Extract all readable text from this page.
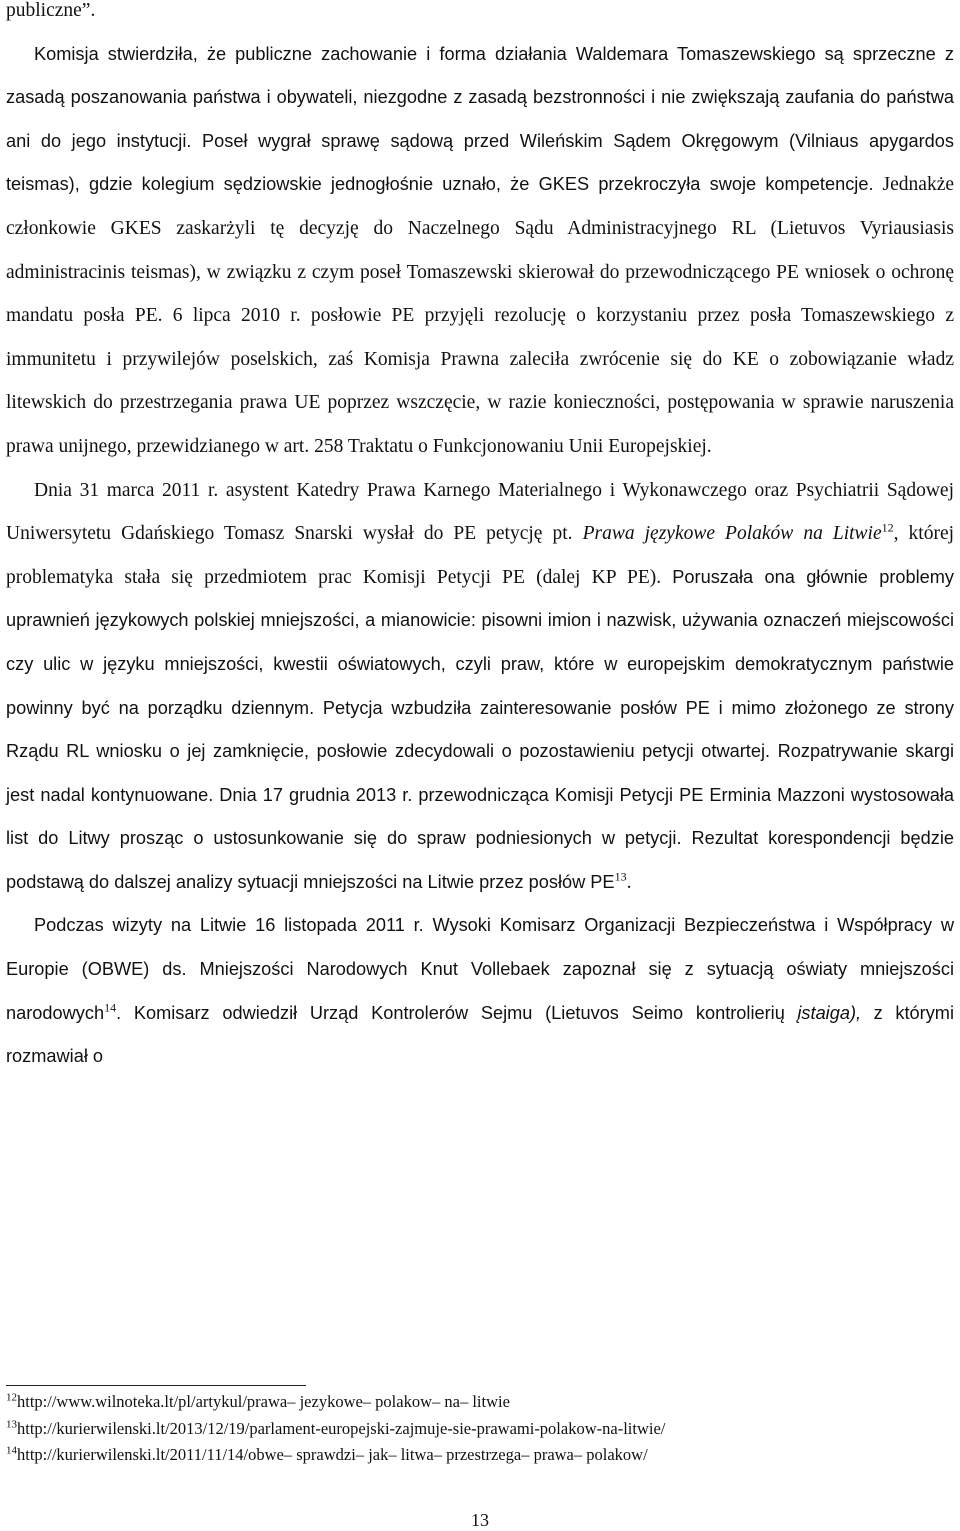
publiczne”.
Komisja stwierdziła, że publiczne zachowanie i forma działania Waldemara Tomaszewskiego są sprzeczne z zasadą poszanowania państwa i obywateli, niezgodne z zasadą bezstronności i nie zwiększają zaufania do państwa ani do jego instytucji. Poseł wygrał sprawę sądową przed Wileńskim Sądem Okręgowym (Vilniaus apygardos teismas), gdzie kolegium sędziowskie jednogłośnie uznało, że GKES przekroczyła swoje kompetencje. Jednakże członkowie GKES zaskarżyli tę decyzję do Naczelnego Sądu Administracyjnego RL (Lietuvos Vyriausiasis administracinis teismas), w związku z czym poseł Tomaszewski skierował do przewodniczącego PE wniosek o ochronę mandatu posła PE. 6 lipca 2010 r. posłowie PE przyjęli rezolucję o korzystaniu przez posła Tomaszewskiego z immunitetu i przywilejów poselskich, zaś Komisja Prawna zaleciła zwrócenie się do KE o zobowiązanie władz litewskich do przestrzegania prawa UE poprzez wszczęcie, w razie konieczności, postępowania w sprawie naruszenia prawa unijnego, przewidzianego w art. 258 Traktatu o Funkcjonowaniu Unii Europejskiej.

Dnia 31 marca 2011 r. asystent Katedry Prawa Karnego Materialnego i Wykonawczego oraz Psychiatrii Sądowej Uniwersytetu Gdańskiego Tomasz Snarski wysłał do PE petycję pt. Prawa językowe Polaków na Litwie$^{12}$, której problematyka stała się przedmiotem prac Komisji Petycji PE (dalej KP PE). Poruszała ona głównie problemy uprawnień językowych polskiej mniejszości, a mianowicie: pisowni imion i nazwisk, używania oznaczeń miejscowości czy ulic w języku mniejszości, kwestii oświatowych, czyli praw, które w europejskim demokratycznym państwie powinny być na porządku dziennym. Petycja wzbudziła zainteresowanie posłów PE i mimo złożonego ze strony Rządu RL wniosku o jej zamknięcie, posłowie zdecydowali o pozostawieniu petycji otwartej. Rozpatrywanie skargi jest nadal kontynuowane. Dnia 17 grudnia 2013 r. przewodnicząca Komisji Petycji PE Erminia Mazzoni wystosowała list do Litwy prosząc o ustosunkowanie się do spraw podniesionych w petycji. Rezultat korespondencji będzie podstawą do dalszej analizy sytuacji mniejszości na Litwie przez posłów PE$^{13}$.

Podczas wizyty na Litwie 16 listopada 2011 r. Wysoki Komisarz Organizacji Bezpieczeństwa i Współpracy w Europie (OBWE) ds. Mniejszości Narodowych Knut Vollebaek zapoznał się z sytuacją oświaty mniejszości narodowych$^{14}$. Komisarz odwiedził Urząd Kontrolerów Sejmu (Lietuvos Seimo kontrolierių įstaiga), z którymi rozmawiał o

$^{12}$http://www.wilnoteka.lt/pl/artykul/prawa– jezykowe– polakow– na– litwie
$^{13}$http://kurierwilenski.lt/2013/12/19/parlament-europejski-zajmuje-sie-prawami-polakow-na-litwie/
$^{14}$http://kurierwilenski.lt/2011/11/14/obwe– sprawdzi– jak– litwa– przestrzega– prawa– polakow/
13
